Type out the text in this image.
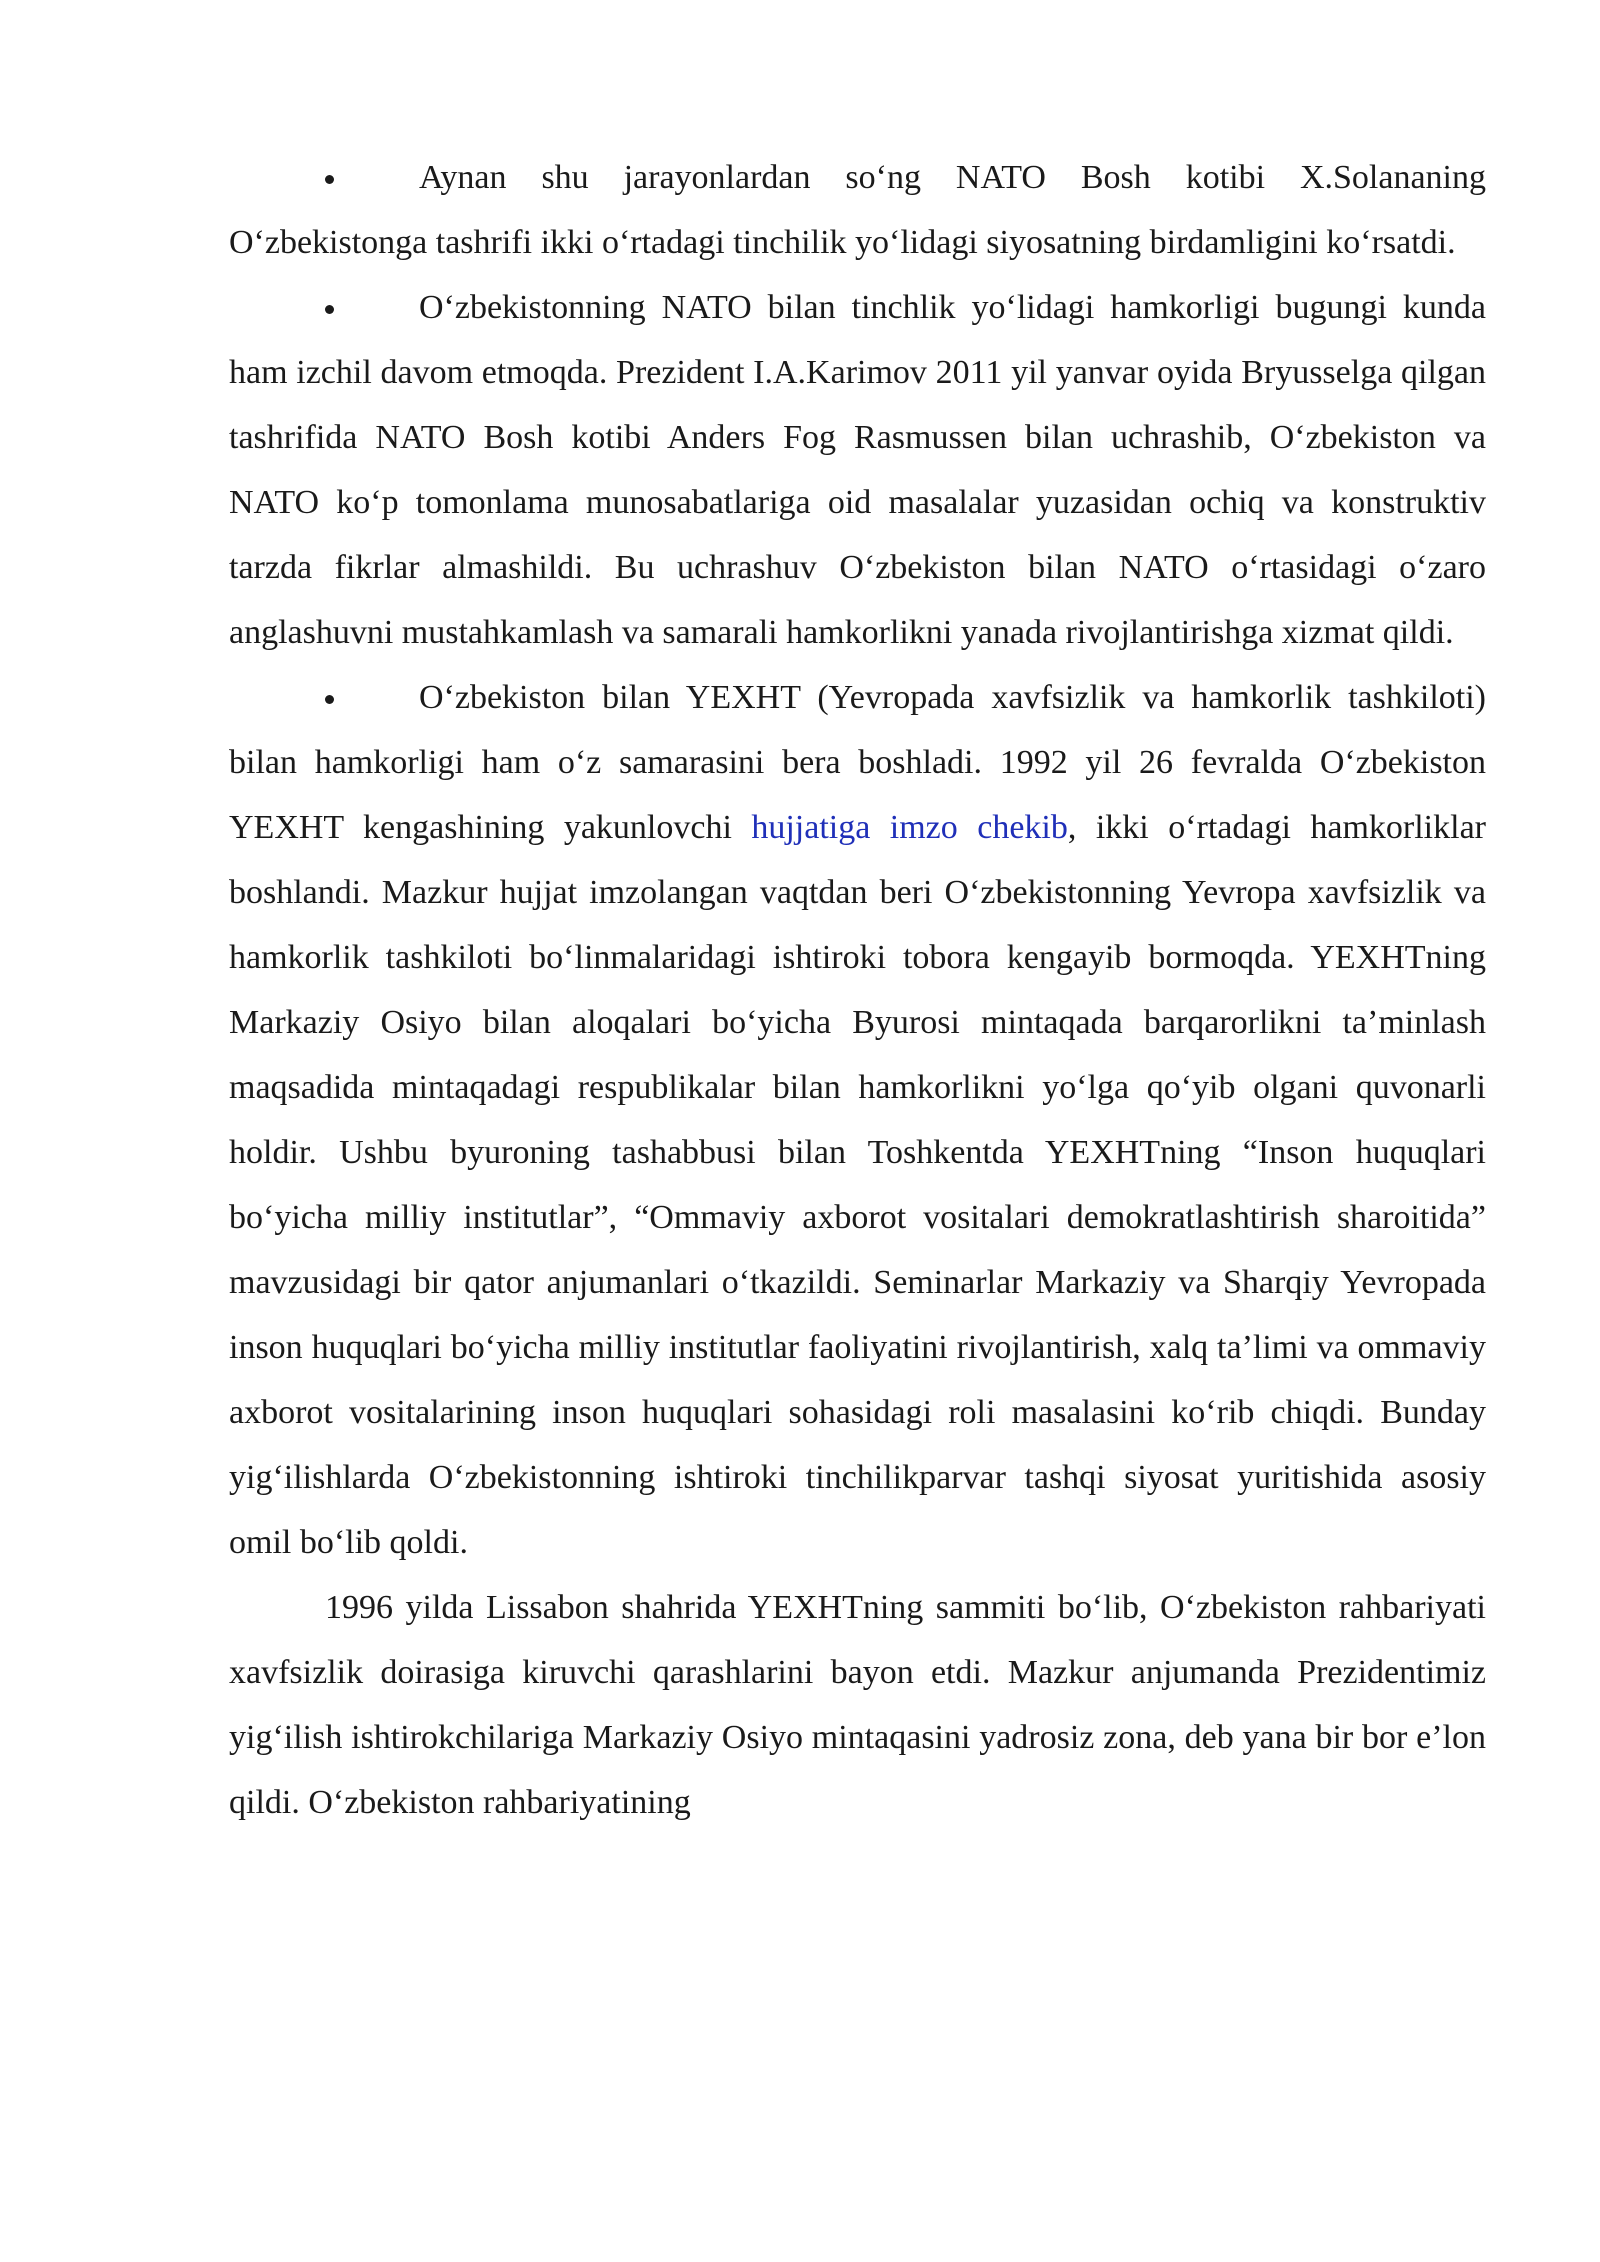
Aynan shu jarayonlardan so‘ng NATO Bosh kotibi X.Solananing O‘zbekistonga tashrifi ikki o‘rtadagi tinchilik yo‘lidagi siyosatning birdamligini ko‘rsatdi.

O‘zbekistonning NATO bilan tinchlik yo‘lidagi hamkorligi bugungi kunda ham izchil davom etmoqda. Prezident I.A.Karimov 2011 yil yanvar oyida Bryusselga qilgan tashrifida NATO Bosh kotibi Anders Fog Rasmussen bilan uchrashib, O‘zbekiston va NATO ko‘p tomonlama munosabatlariga oid masalalar yuzasidan ochiq va konstruktiv tarzda fikrlar almashildi. Bu uchrashuv O‘zbekiston bilan NATO o‘rtasidagi o‘zaro anglashuvni mustahkamlash va samarali hamkorlikni yanada rivojlantirishga xizmat qildi.

O‘zbekiston bilan YEXHT (Yevropada xavfsizlik va hamkorlik tashkiloti) bilan hamkorligi ham o‘z samarasini bera boshladi. 1992 yil 26 fevralda O‘zbekiston YEXHT kengashining yakunlovchi hujjatiga imzo chekib, ikki o‘rtadagi hamkorliklar boshlandi. Mazkur hujjat imzolangan vaqtdan beri O‘zbekistonning Yevropa xavfsizlik va hamkorlik tashkiloti bo‘linmalaridagi ishtiroki tobora kengayib bormoqda. YEXHTning Markaziy Osiyo bilan aloqalari bo‘yicha Byurosi mintaqada barqarorlikni ta’minlash maqsadida mintaqadagi respublikalar bilan hamkorlikni yo‘lga qo‘yib olgani quvonarli holdir. Ushbu byuroning tashabbusi bilan Toshkentda YEXHTning “Inson huquqlari bo‘yicha milliy institutlar”, “Ommaviy axborot vositalari demokratlashtirish sharoitida” mavzusidagi bir qator anjumanlari o‘tkazildi. Seminarlar Markaziy va Sharqiy Yevropada inson huquqlari bo‘yicha milliy institutlar faoliyatini rivojlantirish, xalq ta’limi va ommaviy axborot vositalarining inson huquqlari sohasidagi roli masalasini ko‘rib chiqdi. Bunday yig‘ilishlarda O‘zbekistonning ishtiroki tinchilikparvar tashqi siyosat yuritishida asosiy omil bo‘lib qoldi.

1996 yilda Lissabon shahrida YEXHTning sammiti bo‘lib, O‘zbekiston rahbariyati xavfsizlik doirasiga kiruvchi qarashlarini bayon etdi. Mazkur anjumanda Prezidentimiz yig‘ilish ishtirokchilariga Markaziy Osiyo mintaqasini yadrosiz zona, deb yana bir bor e’lon qildi. O‘zbekiston rahbariyatining
